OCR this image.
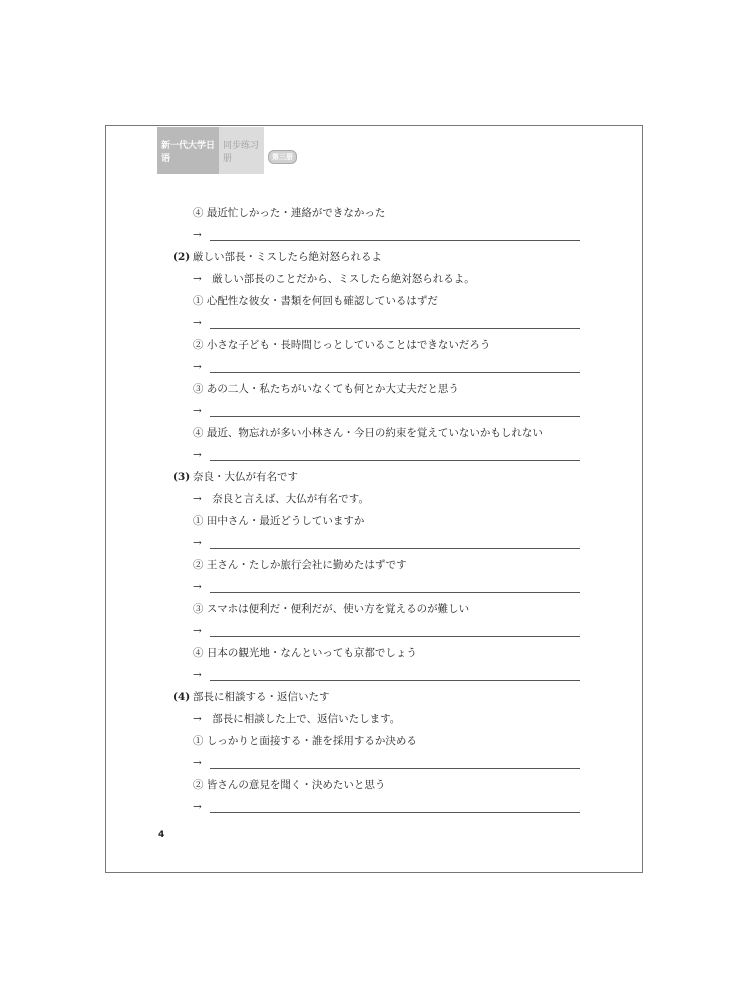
新一代大学日语
同步练习册	第三册
④ 最近忙しかった・連絡ができなかった
→
(2) 厳しい部長・ミスしたら絶対怒られるよ
→　厳しい部長のことだから、ミスしたら絶対怒られるよ。
① 心配性な彼女・書類を何回も確認しているはずだ
→
② 小さな子ども・長時間じっとしていることはできないだろう
→
③ あの二人・私たちがいなくても何とか大丈夫だと思う
→
④ 最近、物忘れが多い小林さん・今日の約束を覚えていないかもしれない
→
(3) 奈良・大仏が有名です
→　奈良と言えば、大仏が有名です。
① 田中さん・最近どうしていますか
→
② 王さん・たしか旅行会社に勤めたはずです
→
③ スマホは便利だ・便利だが、使い方を覚えるのが難しい
→
④ 日本の観光地・なんといっても京都でしょう
→
(4) 部長に相談する・返信いたす
→　部長に相談した上で、返信いたします。
① しっかりと面接する・誰を採用するか決める
→
② 皆さんの意見を聞く・決めたいと思う
→
4
